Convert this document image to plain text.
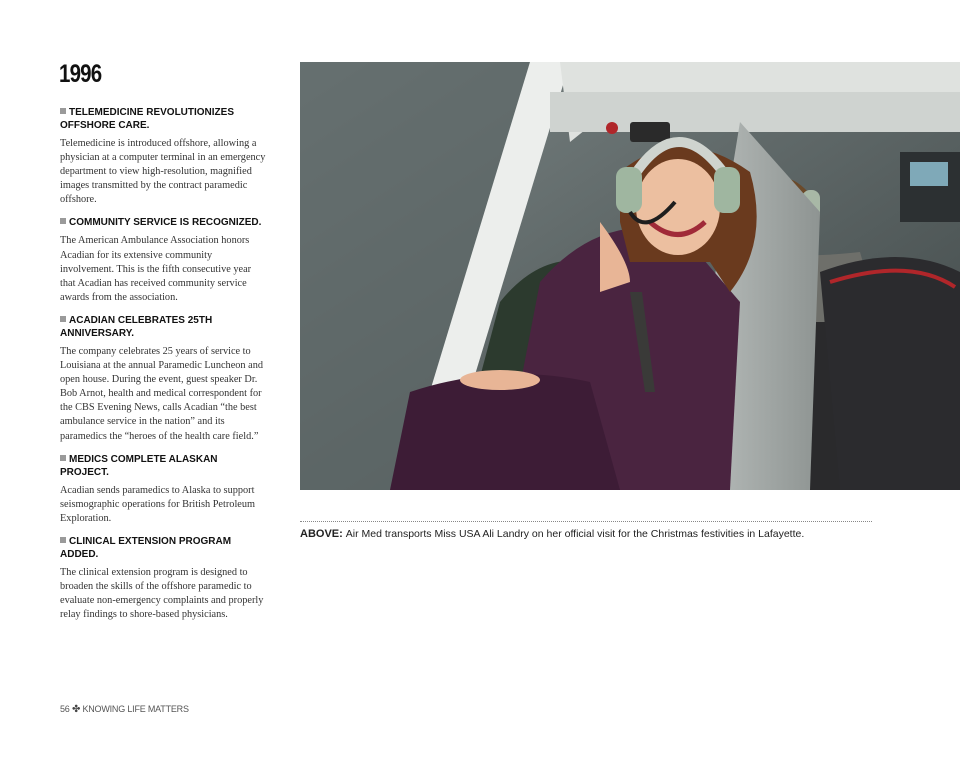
1996
TELEMEDICINE REVOLUTIONIZES OFFSHORE CARE.

Telemedicine is introduced offshore, allowing a physician at a computer terminal in an emergency department to view high-resolution, magnified images transmitted by the contract paramedic offshore.

COMMUNITY SERVICE IS RECOGNIZED.

The American Ambulance Association honors Acadian for its extensive community involvement. This is the fifth consecutive year that Acadian has received community service awards from the association.

ACADIAN CELEBRATES 25TH ANNIVERSARY.

The company celebrates 25 years of service to Louisiana at the annual Paramedic Luncheon and open house. During the event, guest speaker Dr. Bob Arnot, health and medical correspondent for the CBS Evening News, calls Acadian “the best ambulance service in the nation” and its paramedics the “heroes of the health care field.”

MEDICS COMPLETE ALASKAN PROJECT.

Acadian sends paramedics to Alaska to support seismographic operations for British Petroleum Exploration.

CLINICAL EXTENSION PROGRAM ADDED.

The clinical extension program is designed to broaden the skills of the offshore paramedic to evaluate non-emergency complaints and properly relay findings to shore-based physicians.

ABOVE: Air Med transports Miss USA Ali Landry on her official visit for the Christmas festivities in Lafayette.

56 ✤ KNOWING LIFE MATTERS
